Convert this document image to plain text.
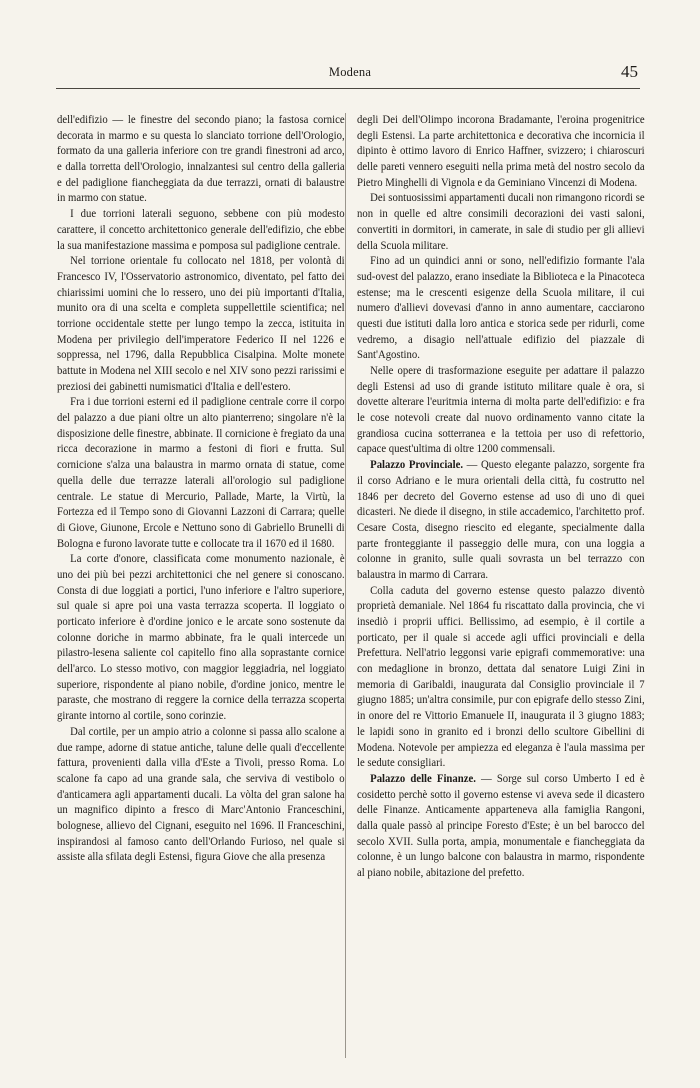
Modena	45

dell'edifizio — le finestre del secondo piano; la fastosa cornice decorata in marmo e su questa lo slanciato torrione dell'Orologio, formato da una galleria inferiore con tre grandi finestroni ad arco, e dalla torretta dell'Orologio, innalzantesi sul centro della galleria e del padiglione fiancheggiata da due terrazzi, ornati di balaustre in marmo con statue.

I due torrioni laterali seguono, sebbene con più modesto carattere, il concetto architettonico generale dell'edifizio, che ebbe la sua manifestazione massima e pomposa sul padiglione centrale.

Nel torrione orientale fu collocato nel 1818, per volontà di Francesco IV, l'Osservatorio astronomico, diventato, pel fatto dei chiarissimi uomini che lo ressero, uno dei più importanti d'Italia, munito ora di una scelta e completa suppellettile scientifica; nel torrione occidentale stette per lungo tempo la zecca, istituita in Modena per privilegio dell'imperatore Federico II nel 1226 e soppressa, nel 1796, dalla Repubblica Cisalpina. Molte monete battute in Modena nel XIII secolo e nel XIV sono pezzi rarissimi e preziosi dei gabinetti numismatici d'Italia e dell'estero.

Fra i due torrioni esterni ed il padiglione centrale corre il corpo del palazzo a due piani oltre un alto pianterreno; singolare n'è la disposizione delle finestre, abbinate. Il cornicione è fregiato da una ricca decorazione in marmo a festoni di fiori e frutta. Sul cornicione s'alza una balaustra in marmo ornata di statue, come quella delle due terrazze laterali all'orologio sul padiglione centrale. Le statue di Mercurio, Pallade, Marte, la Virtù, la Fortezza ed il Tempo sono di Giovanni Lazzoni di Carrara; quelle di Giove, Giunone, Ercole e Nettuno sono di Gabriello Brunelli di Bologna e furono lavorate tutte e collocate tra il 1670 ed il 1680.

La corte d'onore, classificata come monumento nazionale, è uno dei più bei pezzi architettonici che nel genere si conoscano. Consta di due loggiati a portici, l'uno inferiore e l'altro superiore, sul quale si apre poi una vasta terrazza scoperta. Il loggiato o porticato inferiore è d'ordine jonico e le arcate sono sostenute da colonne doriche in marmo abbinate, fra le quali intercede un pilastro-lesena saliente col capitello fino alla soprastante cornice dell'arco. Lo stesso motivo, con maggior leggiadria, nel loggiato superiore, rispondente al piano nobile, d'ordine jonico, mentre le paraste, che mostrano di reggere la cornice della terrazza scoperta girante intorno al cortile, sono corinzie.

Dal cortile, per un ampio atrio a colonne si passa allo scalone a due rampe, adorne di statue antiche, talune delle quali d'eccellente fattura, provenienti dalla villa d'Este a Tivoli, presso Roma. Lo scalone fa capo ad una grande sala, che serviva di vestibolo o d'anticamera agli appartamenti ducali. La vòlta del gran salone ha un magnifico dipinto a fresco di Marc'Antonio Franceschini, bolognese, allievo del Cignani, eseguito nel 1696. Il Franceschini, inspirandosi al famoso canto dell'Orlando Furioso, nel quale si assiste alla sfilata degli Estensi, figura Giove che alla presenza

degli Dei dell'Olimpo incorona Bradamante, l'eroina progenitrice degli Estensi. La parte architettonica e decorativa che incornicia il dipinto è ottimo lavoro di Enrico Haffner, svizzero; i chiaroscuri delle pareti vennero eseguiti nella prima metà del nostro secolo da Pietro Minghelli di Vignola e da Geminiano Vincenzi di Modena.

Dei sontuosissimi appartamenti ducali non rimangono ricordi se non in quelle ed altre consimili decorazioni dei vasti saloni, convertiti in dormitori, in camerate, in sale di studio per gli allievi della Scuola militare.

Fino ad un quindici anni or sono, nell'edifizio formante l'ala sud-ovest del palazzo, erano insediate la Biblioteca e la Pinacoteca estense; ma le crescenti esigenze della Scuola militare, il cui numero d'allievi dovevasi d'anno in anno aumentare, cacciarono questi due istituti dalla loro antica e storica sede per ridurli, come vedremo, a disagio nell'attuale edifizio del piazzale di Sant'Agostino.

Nelle opere di trasformazione eseguite per adattare il palazzo degli Estensi ad uso di grande istituto militare quale è ora, si dovette alterare l'euritmia interna di molta parte dell'edifizio: e fra le cose notevoli create dal nuovo ordinamento vanno citate la grandiosa cucina sotterranea e la tettoia per uso di refettorio, capace quest'ultima di oltre 1200 commensali.

Palazzo Provinciale. — Questo elegante palazzo, sorgente fra il corso Adriano e le mura orientali della città, fu costrutto nel 1846 per decreto del Governo estense ad uso di uno di quei dicasteri. Ne diede il disegno, in stile accademico, l'architetto prof. Cesare Costa, disegno riescito ed elegante, specialmente dalla parte fronteggiante il passeggio delle mura, con una loggia a colonne in granito, sulle quali sovrasta un bel terrazzo con balaustra in marmo di Carrara.

Colla caduta del governo estense questo palazzo diventò proprietà demaniale. Nel 1864 fu riscattato dalla provincia, che vi insediò i proprii uffici. Bellissimo, ad esempio, è il cortile a porticato, per il quale si accede agli uffici provinciali e della Prefettura. Nell'atrio leggonsi varie epigrafi commemorative: una con medaglione in bronzo, dettata dal senatore Luigi Zini in memoria di Garibaldi, inaugurata dal Consiglio provinciale il 7 giugno 1885; un'altra consimile, pur con epigrafe dello stesso Zini, in onore del re Vittorio Emanuele II, inaugurata il 3 giugno 1883; le lapidi sono in granito ed i bronzi dello scultore Gibellini di Modena. Notevole per ampiezza ed eleganza è l'aula massima per le sedute consigliari.

Palazzo delle Finanze. — Sorge sul corso Umberto I ed è cosidetto perchè sotto il governo estense vi aveva sede il dicastero delle Finanze. Anticamente apparteneva alla famiglia Rangoni, dalla quale passò al principe Foresto d'Este; è un bel barocco del secolo XVII. Sulla porta, ampia, monumentale e fiancheggiata da colonne, è un lungo balcone con balaustra in marmo, rispondente al piano nobile, abitazione del prefetto.
